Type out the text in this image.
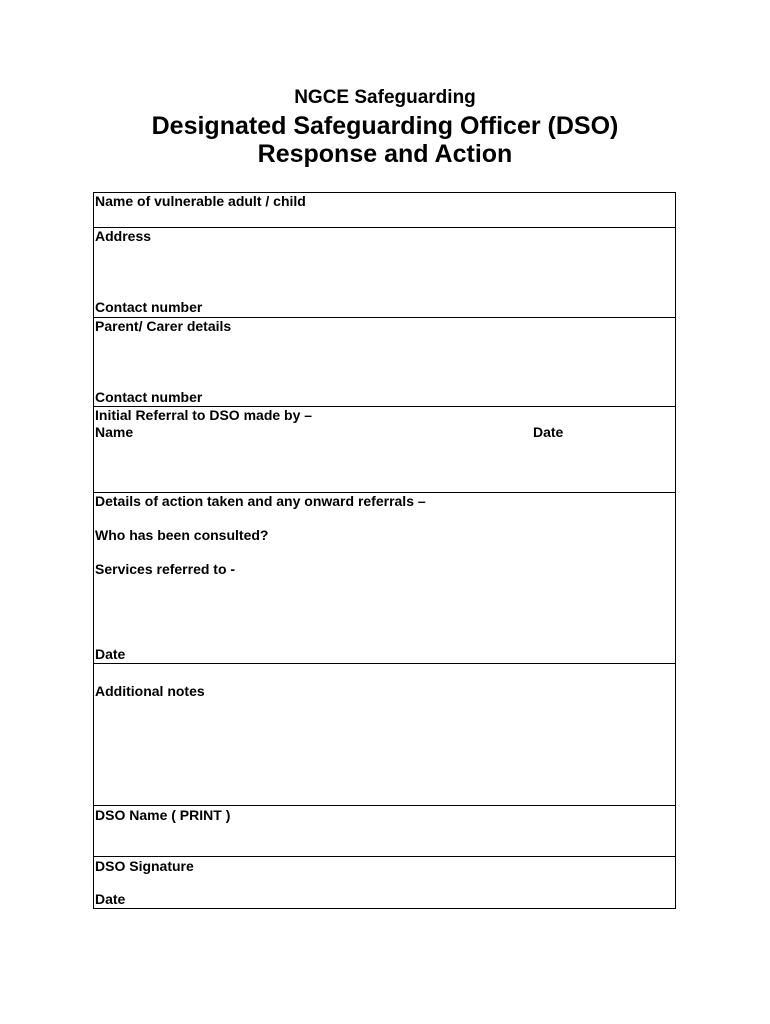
NGCE Safeguarding
Designated Safeguarding Officer (DSO)
Response and Action
Name of vulnerable adult / child
Address
Contact number
Parent/ Carer details
Contact number
Initial Referral to DSO made by –
Name	Date
Details of action taken and any onward referrals –
Who has been consulted?
Services referred to -
Date
Additional notes
DSO Name ( PRINT )
DSO Signature
Date
